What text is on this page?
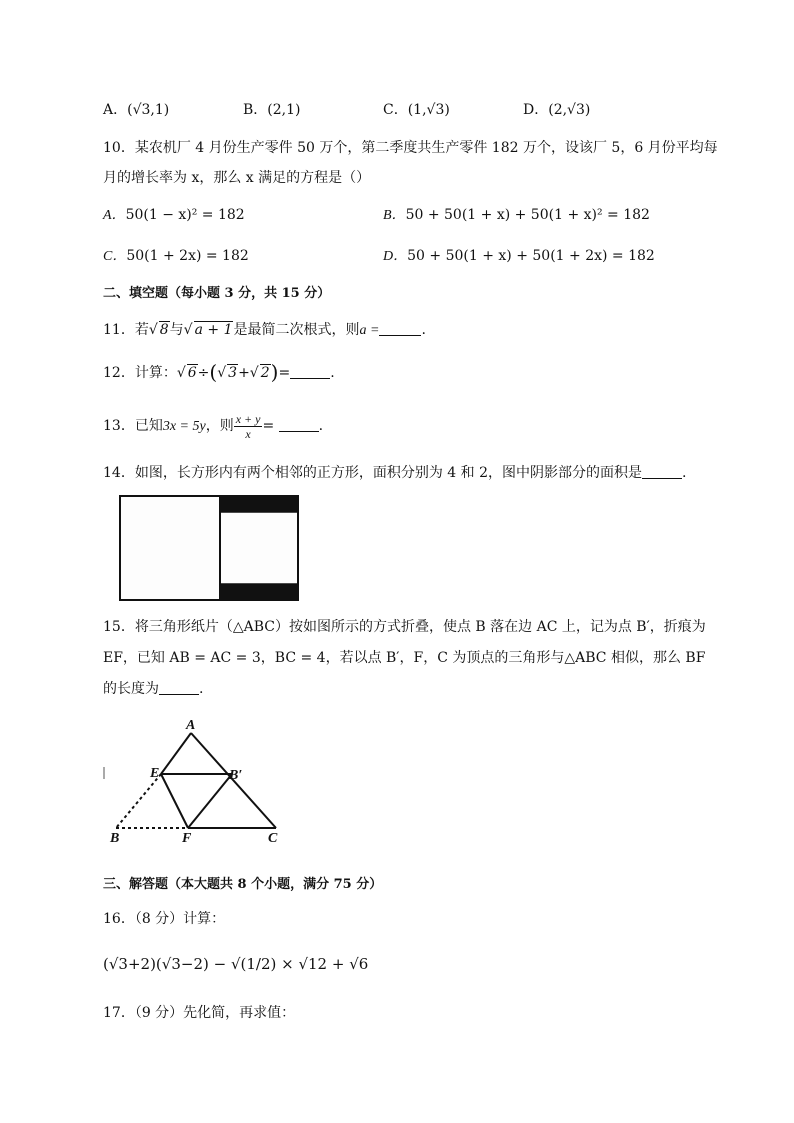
A．(√3,1)	B．(2,1)	C．(1,√3)	D．(2,√3)
10．某农机厂 4 月份生产零件 50 万个，第二季度共生产零件 182 万个，设该厂 5，6 月份平均每
月的增长率为 x，那么 x 满足的方程是（）
A．50(1 − x)² = 182	B．50 + 50(1 + x) + 50(1 + x)² = 182
C．50(1 + 2x) = 182	D．50 + 50(1 + x) + 50(1 + 2x) = 182
二、填空题（每小题 3 分，共 15 分）
11．若√ 8与√ a + 1是最简二次根式，则a =	.
12．计算：√ 6÷(√ 3+√ 2)=	.
13．已知3x = 5y，则 $\frac{x + y}{x}$ =	.
14．如图，长方形内有两个相邻的正方形，面积分别为 4 和 2，图中阴影部分的面积是	.
15．将三角形纸片（△ABC）按如图所示的方式折叠，使点 B 落在边 AC 上，记为点 B′，折痕为
EF，已知 AB = AC = 3，BC = 4，若以点 B′，F，C 为顶点的三角形与△ABC 相似，那么 BF
的长度为	.
A
E	B′
B	F	C
三、解答题（本大题共 8 个小题，满分 75 分）
16．（8 分）计算：
(√3+2)(√3−2) − √(1/2) × √12 + √6
17．（9 分）先化简，再求值：
